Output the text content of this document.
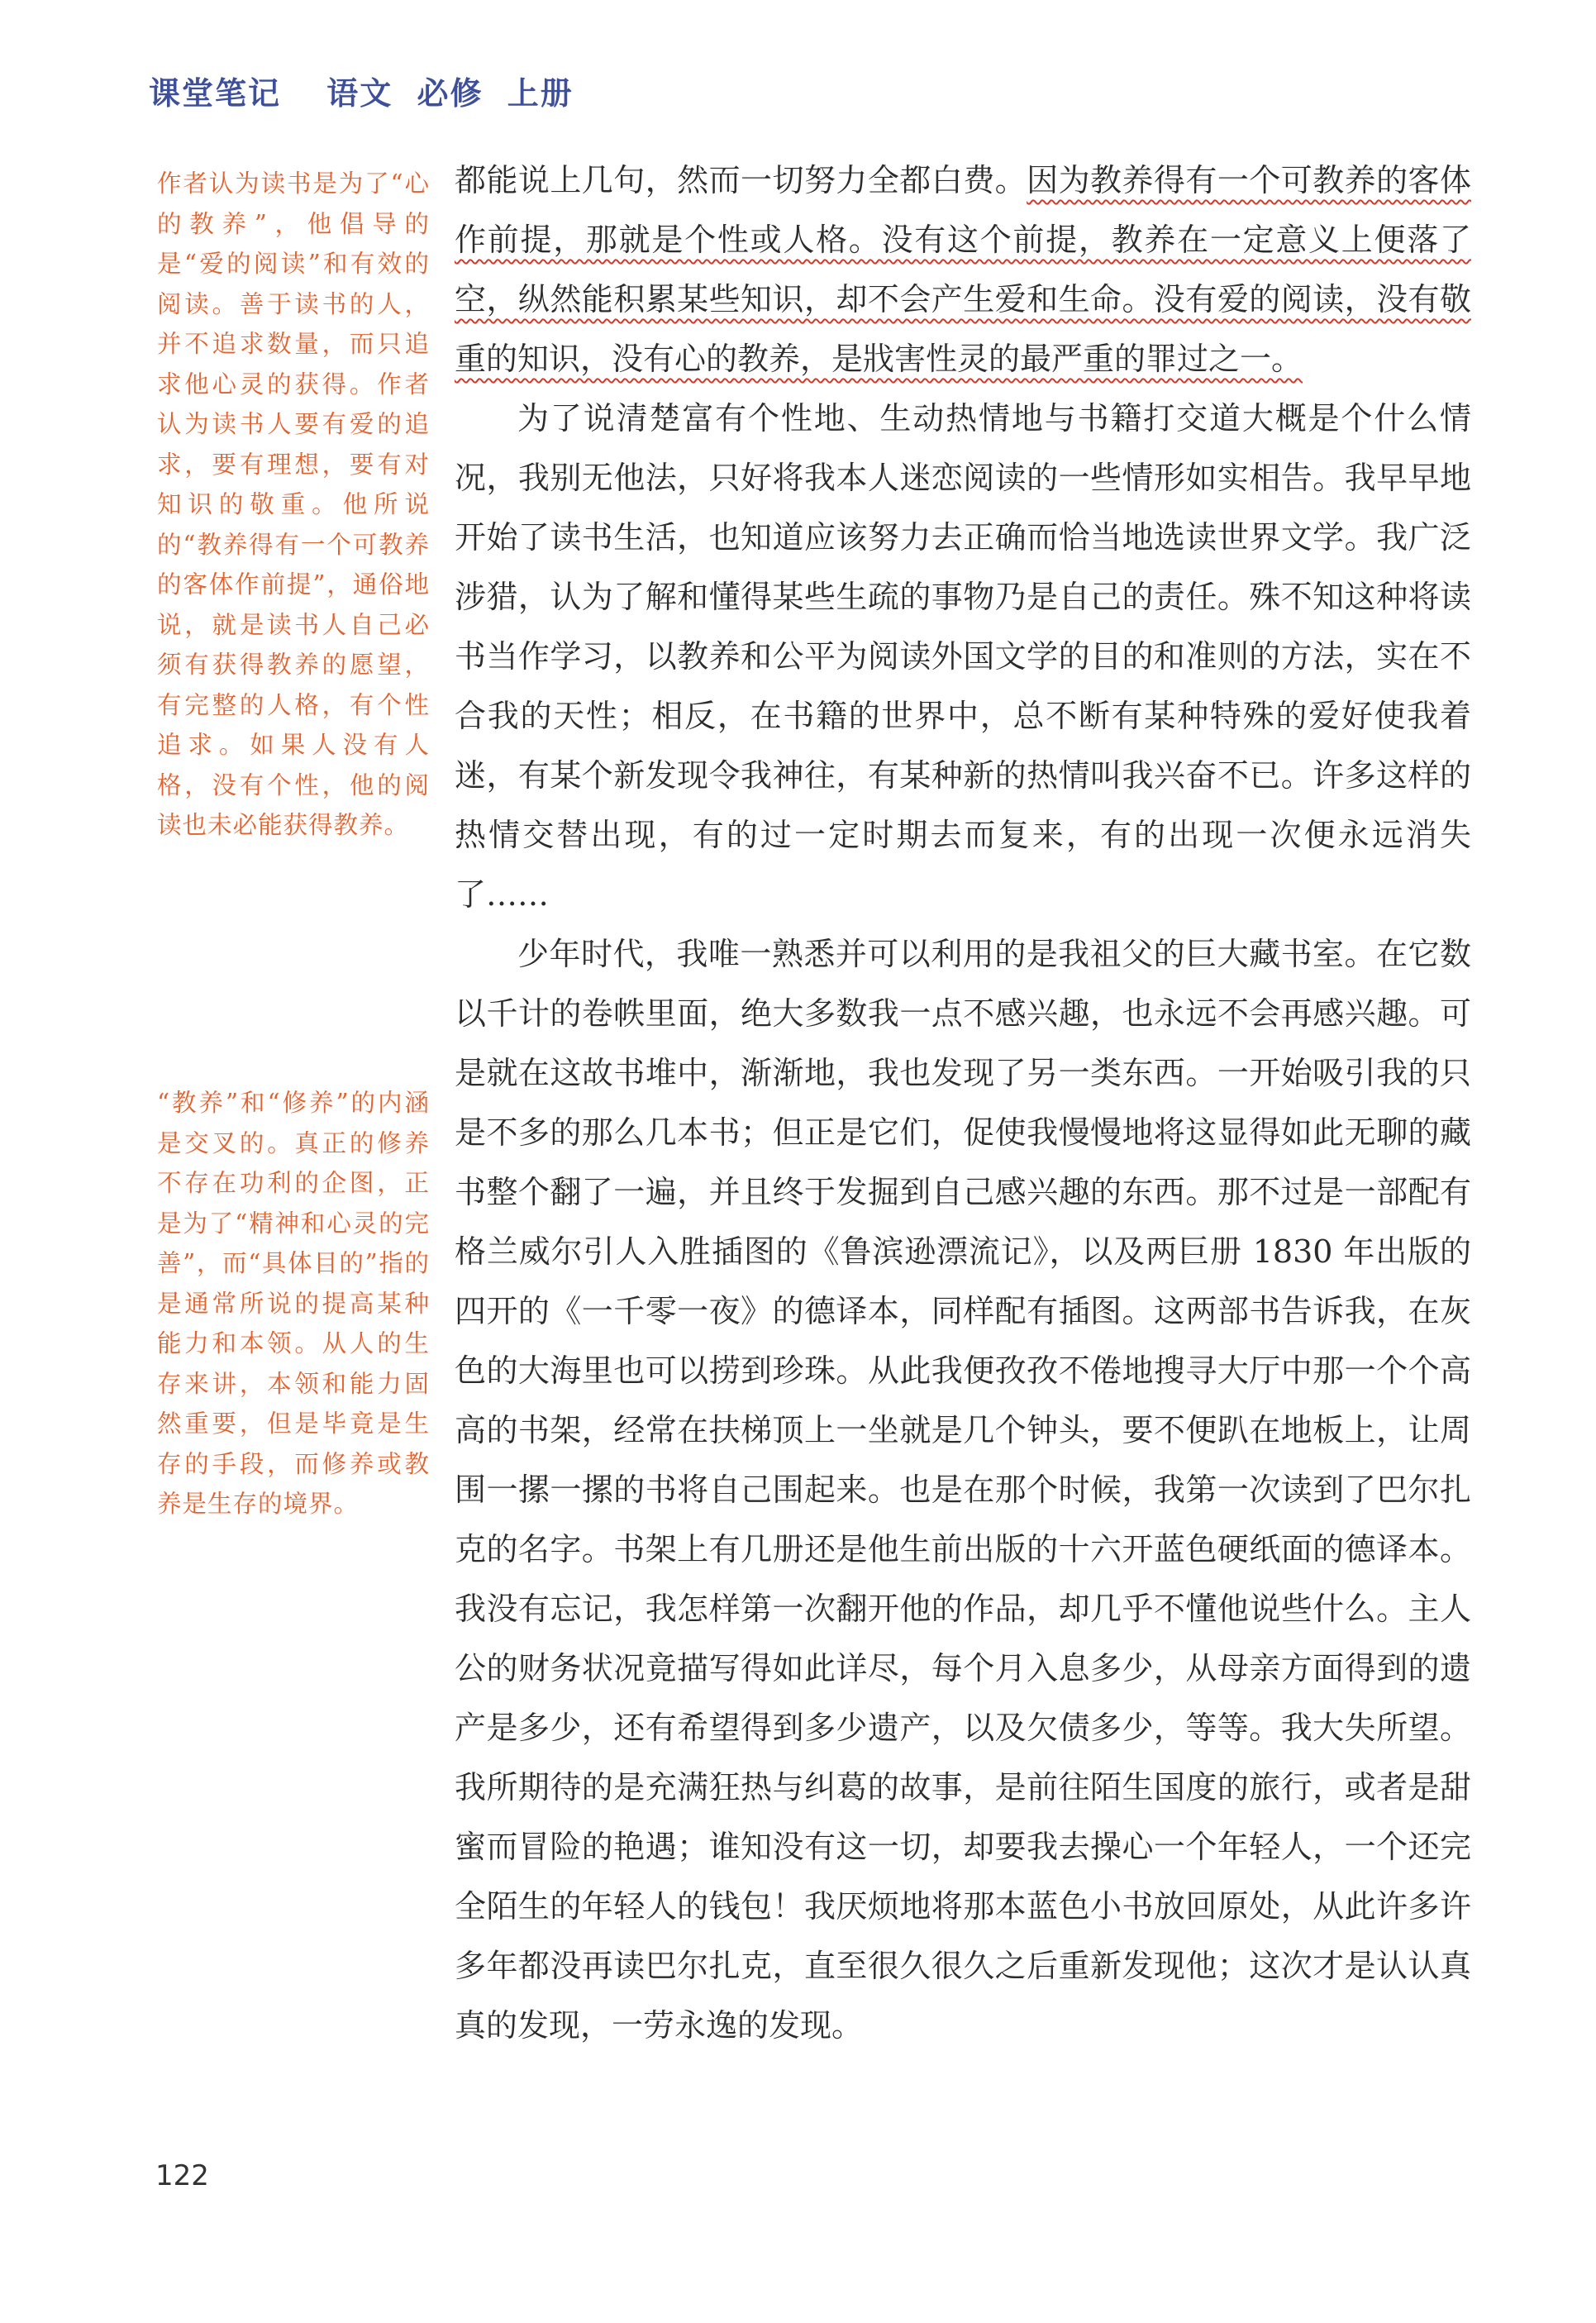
课堂笔记 语文 必修 上册
作者认为读书是为了“心的教养”，他倡导的是“爱的阅读”和有效的阅读。善于读书的人，并不追求数量，而只追求他心灵的获得。作者认为读书人要有爱的追求，要有理想，要有对知识的敬重。他所说的“教养得有一个可教养的客体作前提”，通俗地说，就是读书人自己必须有获得教养的愿望，有完整的人格，有个性追求。如果人没有人格，没有个性，他的阅读也未必能获得教养。
“教养”和“修养”的内涵是交叉的。真正的修养不存在功利的企图，正是为了“精神和心灵的完善”，而“具体目的”指的是通常所说的提高某种能力和本领。从人的生存来讲，本领和能力固然重要，但是毕竟是生存的手段，而修养或教养是生存的境界。

都能说上几句，然而一切努力全都白费。因为教养得有一个可教养的客体作前提，那就是个性或人格。没有这个前提，教养在一定意义上便落了空，纵然能积累某些知识，却不会产生爱和生命。没有爱的阅读，没有敬重的知识，没有心的教养，是戕害性灵的最严重的罪过之一。

为了说清楚富有个性地、生动热情地与书籍打交道大概是个什么情况，我别无他法，只好将我本人迷恋阅读的一些情形如实相告。我早早地开始了读书生活，也知道应该努力去正确而恰当地选读世界文学。我广泛涉猎，认为了解和懂得某些生疏的事物乃是自己的责任。殊不知这种将读书当作学习，以教养和公平为阅读外国文学的目的和准则的方法，实在不合我的天性；相反，在书籍的世界中，总不断有某种特殊的爱好使我着迷，有某个新发现令我神往，有某种新的热情叫我兴奋不已。许多这样的热情交替出现，有的过一定时期去而复来，有的出现一次便永远消失了……

少年时代，我唯一熟悉并可以利用的是我祖父的巨大藏书室。在它数以千计的卷帙里面，绝大多数我一点不感兴趣，也永远不会再感兴趣。可是就在这故书堆中，渐渐地，我也发现了另一类东西。一开始吸引我的只是不多的那么几本书；但正是它们，促使我慢慢地将这显得如此无聊的藏书整个翻了一遍，并且终于发掘到自己感兴趣的东西。那不过是一部配有格兰威尔引人入胜插图的《鲁滨逊漂流记》，以及两巨册 1830 年出版的四开的《一千零一夜》的德译本，同样配有插图。这两部书告诉我，在灰色的大海里也可以捞到珍珠。从此我便孜孜不倦地搜寻大厅中那一个个高高的书架，经常在扶梯顶上一坐就是几个钟头，要不便趴在地板上，让周围一摞一摞的书将自己围起来。也是在那个时候，我第一次读到了巴尔扎克的名字。书架上有几册还是他生前出版的十六开蓝色硬纸面的德译本。我没有忘记，我怎样第一次翻开他的作品，却几乎不懂他说些什么。主人公的财务状况竟描写得如此详尽，每个月入息多少，从母亲方面得到的遗产是多少，还有希望得到多少遗产，以及欠债多少，等等。我大失所望。我所期待的是充满狂热与纠葛的故事，是前往陌生国度的旅行，或者是甜蜜而冒险的艳遇；谁知没有这一切，却要我去操心一个年轻人，一个还完全陌生的年轻人的钱包！我厌烦地将那本蓝色小书放回原处，从此许多许多年都没再读巴尔扎克，直至很久很久之后重新发现他；这次才是认认真真的发现，一劳永逸的发现。

122
